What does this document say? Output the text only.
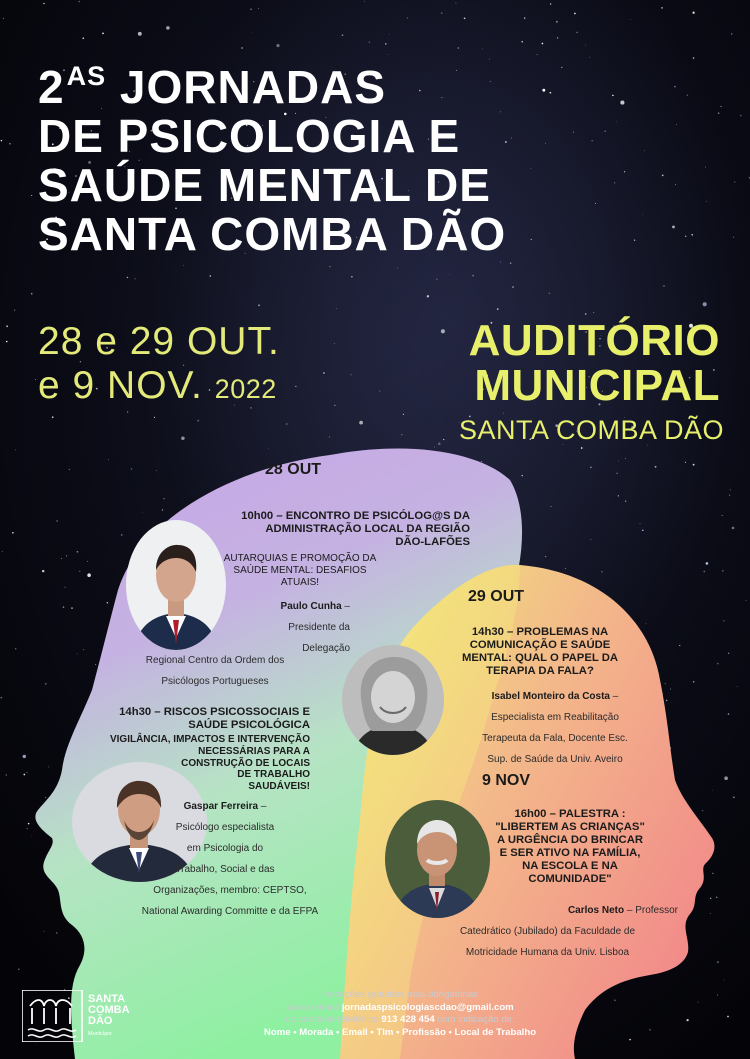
$2^{AS}$ JORNADAS
DE PSICOLOGIA E
SAÚDE MENTAL DE
SANTA COMBA DÃO
28 e 29 OUT.
e 9 NOV. 2022
AUDITÓRIO
MUNICIPAL
SANTA COMBA DÃO
28 OUT
10h00 – ENCONTRO DE PSICÓLOG@S DA
ADMINISTRAÇÃO LOCAL DA REGIÃO
DÃO-LAFÕES
AUTARQUIAS E PROMOÇÃO DA
SAÚDE MENTAL: DESAFIOS
ATUAIS!
Paulo Cunha –
Presidente da
Delegação
Regional Centro da Ordem dos
Psicólogos Portugueses
14h30 – RISCOS PSICOSSOCIAIS E
SAÚDE PSICOLÓGICA
VIGILÂNCIA, IMPACTOS E INTERVENÇÃO
NECESSÁRIAS PARA A
CONSTRUÇÃO DE LOCAIS
DE TRABALHO
SAUDÁVEIS!
Gaspar Ferreira –
Psicólogo especialista
em Psicologia do
Trabalho, Social e das
Organizações, membro: CEPTSO,
National Awarding Committe e da EFPA
29 OUT
14h30 – PROBLEMAS NA
COMUNICAÇÃO E SAÚDE
MENTAL: QUAL O PAPEL DA
TERAPIA DA FALA?
Isabel Monteiro da Costa –
Especialista em Reabilitação
Terapeuta da Fala, Docente Esc.
Sup. de Saúde da Univ. Aveiro
9 NOV
16h00 – PALESTRA :
"LIBERTEM AS CRIANÇAS"
A URGÊNCIA DO BRINCAR
E SER ATIVO NA FAMÍLIA,
NA ESCOLA E NA
COMUNIDADE"
Carlos Neto – Professor
Catedrático (Jubilado) da Faculdade de
Motricidade Humana da Univ. Lisboa
SANTA
COMBA
DÃO
Município
Inscrições gratuitas mas obrigatórias
para o email jornadaspsicologiascdao@gmail.com
ou contacto telefónico 913 428 454 com indicação de:
Nome • Morada • Email • Tlm • Profissão • Local de Trabalho
